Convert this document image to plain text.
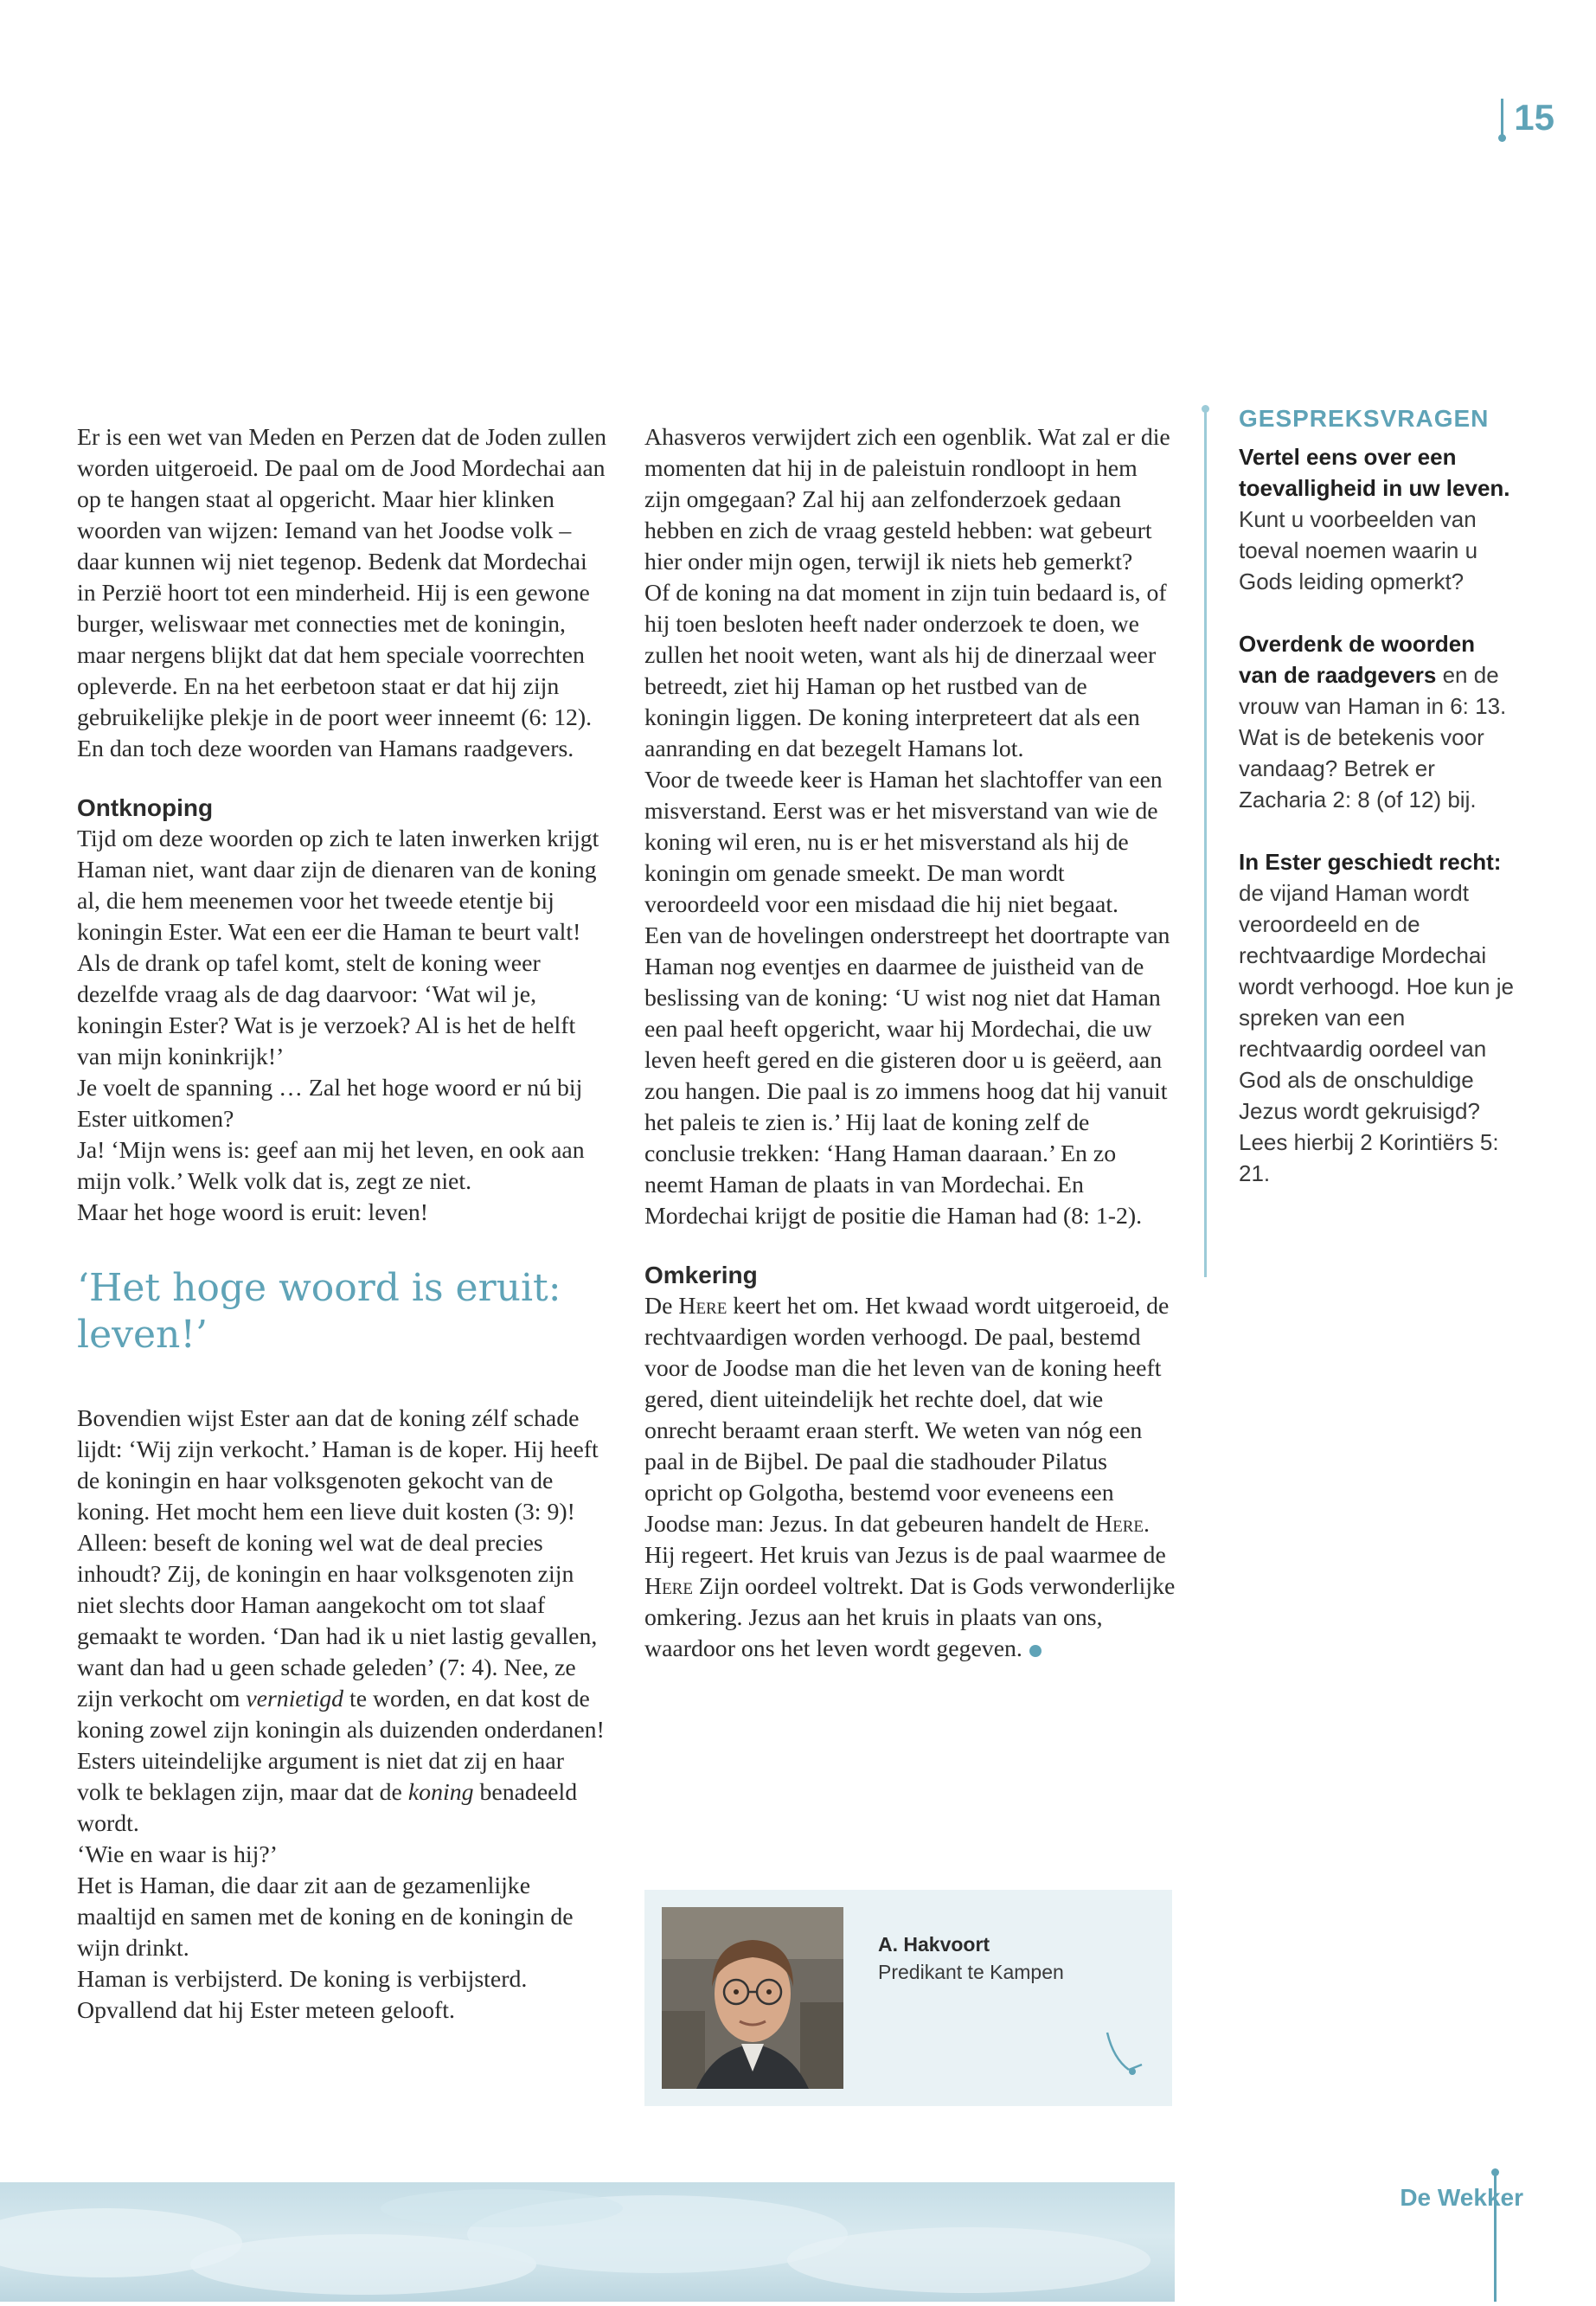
15

Er is een wet van Meden en Perzen dat de Joden zullen worden uitgeroeid. De paal om de Jood Mordechai aan op te hangen staat al opgericht. Maar hier klinken woorden van wijzen: Iemand van het Joodse volk – daar kunnen wij niet tegenop. Bedenk dat Mordechai in Perzië hoort tot een minderheid. Hij is een gewone burger, weliswaar met connecties met de koningin, maar nergens blijkt dat dat hem speciale voorrechten opleverde. En na het eerbetoon staat er dat hij zijn gebruikelijke plekje in de poort weer inneemt (6: 12). En dan toch deze woorden van Hamans raadgevers.

Ontknoping

Tijd om deze woorden op zich te laten inwerken krijgt Haman niet, want daar zijn de dienaren van de koning al, die hem meenemen voor het tweede etentje bij koningin Ester. Wat een eer die Haman te beurt valt!

Als de drank op tafel komt, stelt de koning weer dezelfde vraag als de dag daarvoor: ‘Wat wil je, koningin Ester? Wat is je verzoek? Al is het de helft van mijn koninkrijk!’

Je voelt de spanning … Zal het hoge woord er nú bij Ester uitkomen?

Ja! ‘Mijn wens is: geef aan mij het leven, en ook aan mijn volk.’ Welk volk dat is, zegt ze niet.

Maar het hoge woord is eruit: leven!

‘Het hoge woord is eruit: leven!’

Bovendien wijst Ester aan dat de koning zélf schade lijdt: ‘Wij zijn verkocht.’ Haman is de koper. Hij heeft de koningin en haar volksgenoten gekocht van de koning. Het mocht hem een lieve duit kosten (3: 9)! Alleen: beseft de koning wel wat de deal precies inhoudt? Zij, de koningin en haar volksgenoten zijn niet slechts door Haman aangekocht om tot slaaf gemaakt te worden. ‘Dan had ik u niet lastig gevallen, want dan had u geen schade geleden’ (7: 4). Nee, ze zijn verkocht om vernietigd te worden, en dat kost de koning zowel zijn koningin als duizenden onderdanen! Esters uiteindelijke argument is niet dat zij en haar volk te beklagen zijn, maar dat de koning benadeeld wordt.

‘Wie en waar is hij?’

Het is Haman, die daar zit aan de gezamenlijke maaltijd en samen met de koning en de koningin de wijn drinkt.

Haman is verbijsterd. De koning is verbijsterd. Opvallend dat hij Ester meteen gelooft.

Ahasveros verwijdert zich een ogenblik. Wat zal er die momenten dat hij in de paleistuin rondloopt in hem zijn omgegaan? Zal hij aan zelfonderzoek gedaan hebben en zich de vraag gesteld hebben: wat gebeurt hier onder mijn ogen, terwijl ik niets heb gemerkt?

Of de koning na dat moment in zijn tuin bedaard is, of hij toen besloten heeft nader onderzoek te doen, we zullen het nooit weten, want als hij de dinerzaal weer betreedt, ziet hij Haman op het rustbed van de koningin liggen. De koning interpreteert dat als een aanranding en dat bezegelt Hamans lot.

Voor de tweede keer is Haman het slachtoffer van een misverstand. Eerst was er het misverstand van wie de koning wil eren, nu is er het misverstand als hij de koningin om genade smeekt. De man wordt veroordeeld voor een misdaad die hij niet begaat.

Een van de hovelingen onderstreept het doortrapte van Haman nog eventjes en daarmee de juistheid van de beslissing van de koning: ‘U wist nog niet dat Haman een paal heeft opgericht, waar hij Mordechai, die uw leven heeft gered en die gisteren door u is geëerd, aan zou hangen. Die paal is zo immens hoog dat hij vanuit het paleis te zien is.’ Hij laat de koning zelf de conclusie trekken: ‘Hang Haman daaraan.’ En zo neemt Haman de plaats in van Mordechai. En Mordechai krijgt de positie die Haman had (8: 1-2).

Omkering

De Here keert het om. Het kwaad wordt uitgeroeid, de rechtvaardigen worden verhoogd. De paal, bestemd voor de Joodse man die het leven van de koning heeft gered, dient uiteindelijk het rechte doel, dat wie onrecht beraamt eraan sterft. We weten van nóg een paal in de Bijbel. De paal die stadhouder Pilatus opricht op Golgotha, bestemd voor eveneens een Joodse man: Jezus. In dat gebeuren handelt de Here. Hij regeert. Het kruis van Jezus is de paal waarmee de Here Zijn oordeel voltrekt. Dat is Gods verwonderlijke omkering. Jezus aan het kruis in plaats van ons, waardoor ons het leven wordt gegeven.

GESPREKSVRAGEN

Vertel eens over een toevalligheid in uw leven. Kunt u voorbeelden van toeval noemen waarin u Gods leiding opmerkt?

Overdenk de woorden van de raadgevers en de vrouw van Haman in 6: 13. Wat is de betekenis voor vandaag? Betrek er Zacharia 2: 8 (of 12) bij.

In Ester geschiedt recht: de vijand Haman wordt veroordeeld en de rechtvaardige Mordechai wordt verhoogd. Hoe kun je spreken van een rechtvaardig oordeel van God als de onschuldige Jezus wordt gekruisigd? Lees hierbij 2 Korintiërs 5: 21.

A. Hakvoort
Predikant te Kampen
De Wekker
